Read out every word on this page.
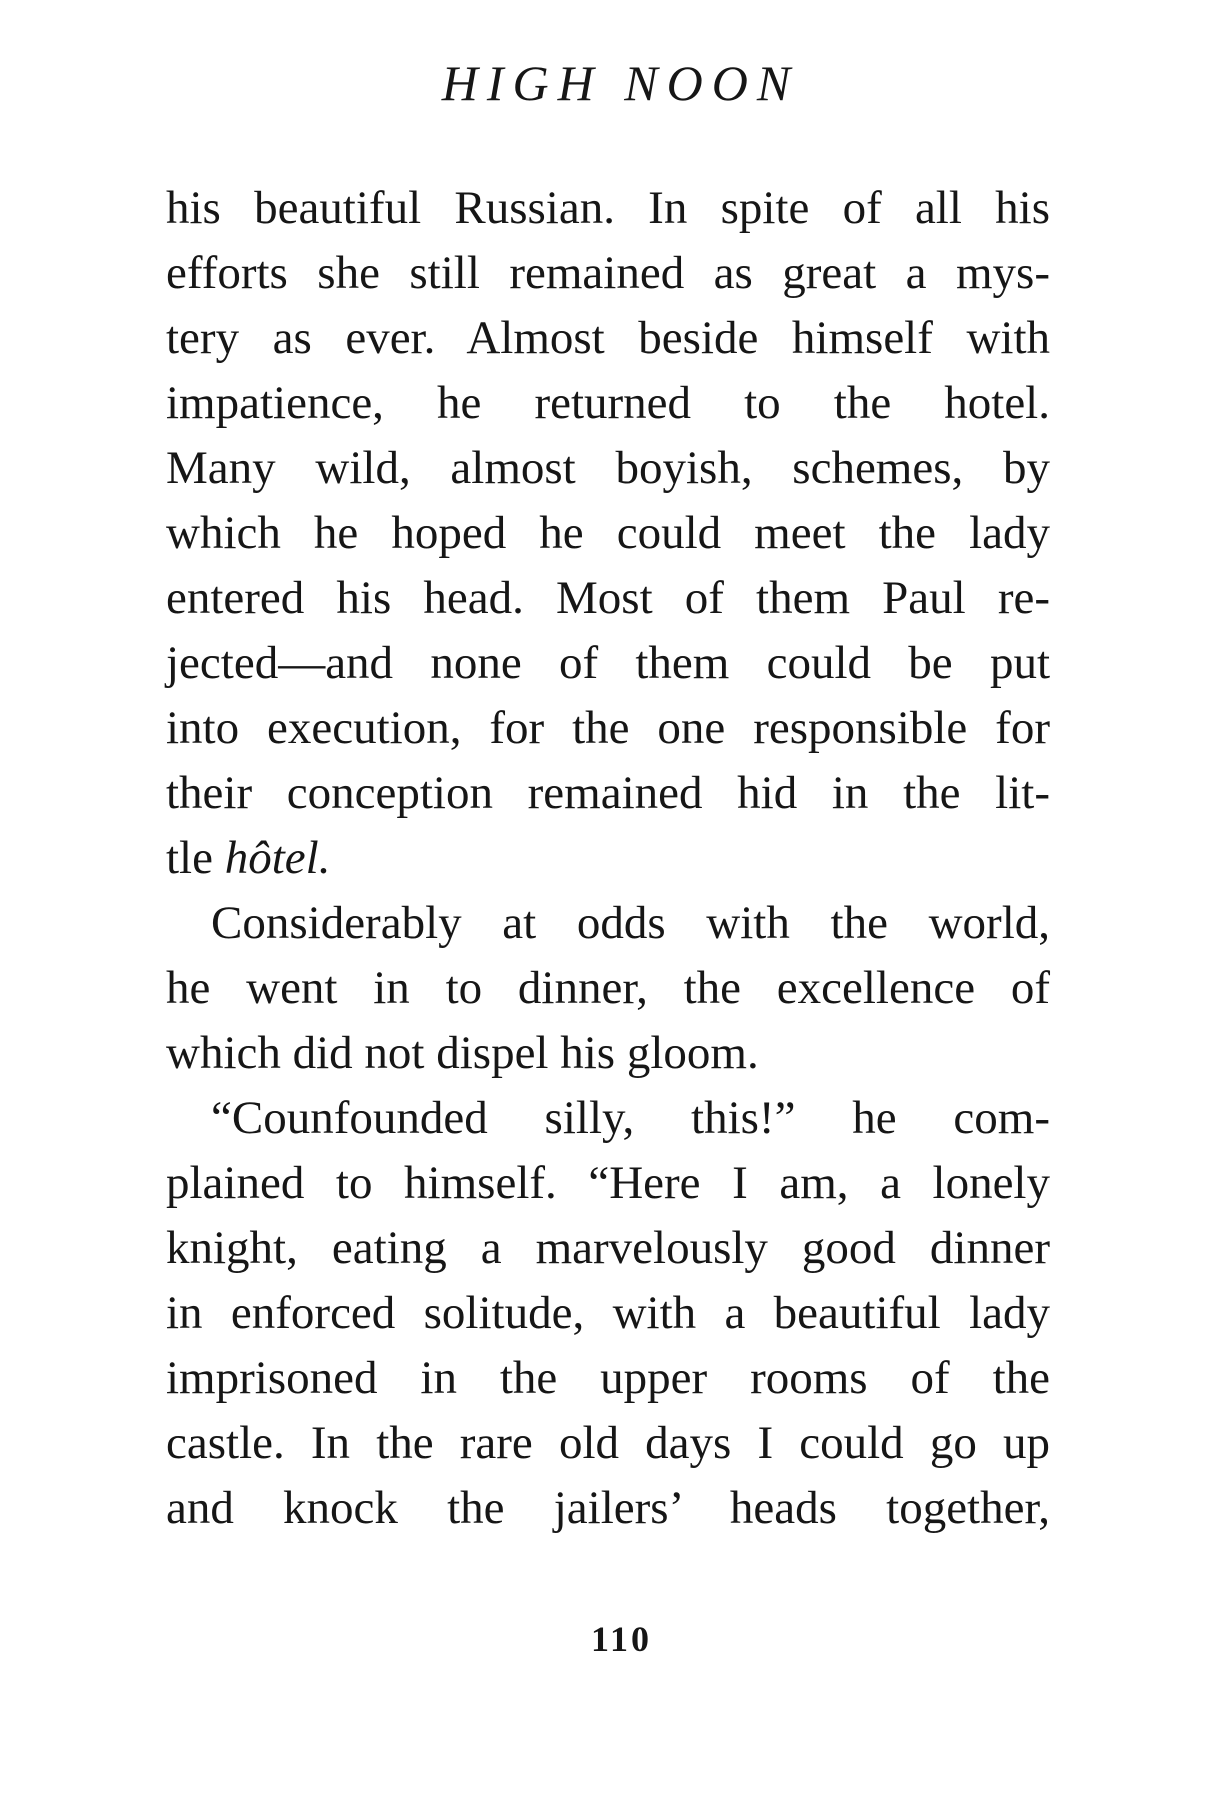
HIGH NOON
his beautiful Russian. In spite of all his
efforts she still remained as great a mys-
tery as ever. Almost beside himself with
impatience, he returned to the hotel.
Many wild, almost boyish, schemes, by
which he hoped he could meet the lady
entered his head. Most of them Paul re-
jected—and none of them could be put
into execution, for the one responsible for
their conception remained hid in the lit-
tle hôtel.
Considerably at odds with the world,
he went in to dinner, the excellence of
which did not dispel his gloom.
“Counfounded silly, this!” he com-
plained to himself. “Here I am, a lonely
knight, eating a marvelously good dinner
in enforced solitude, with a beautiful lady
imprisoned in the upper rooms of the
castle. In the rare old days I could go up
and knock the jailers’ heads together,
110
